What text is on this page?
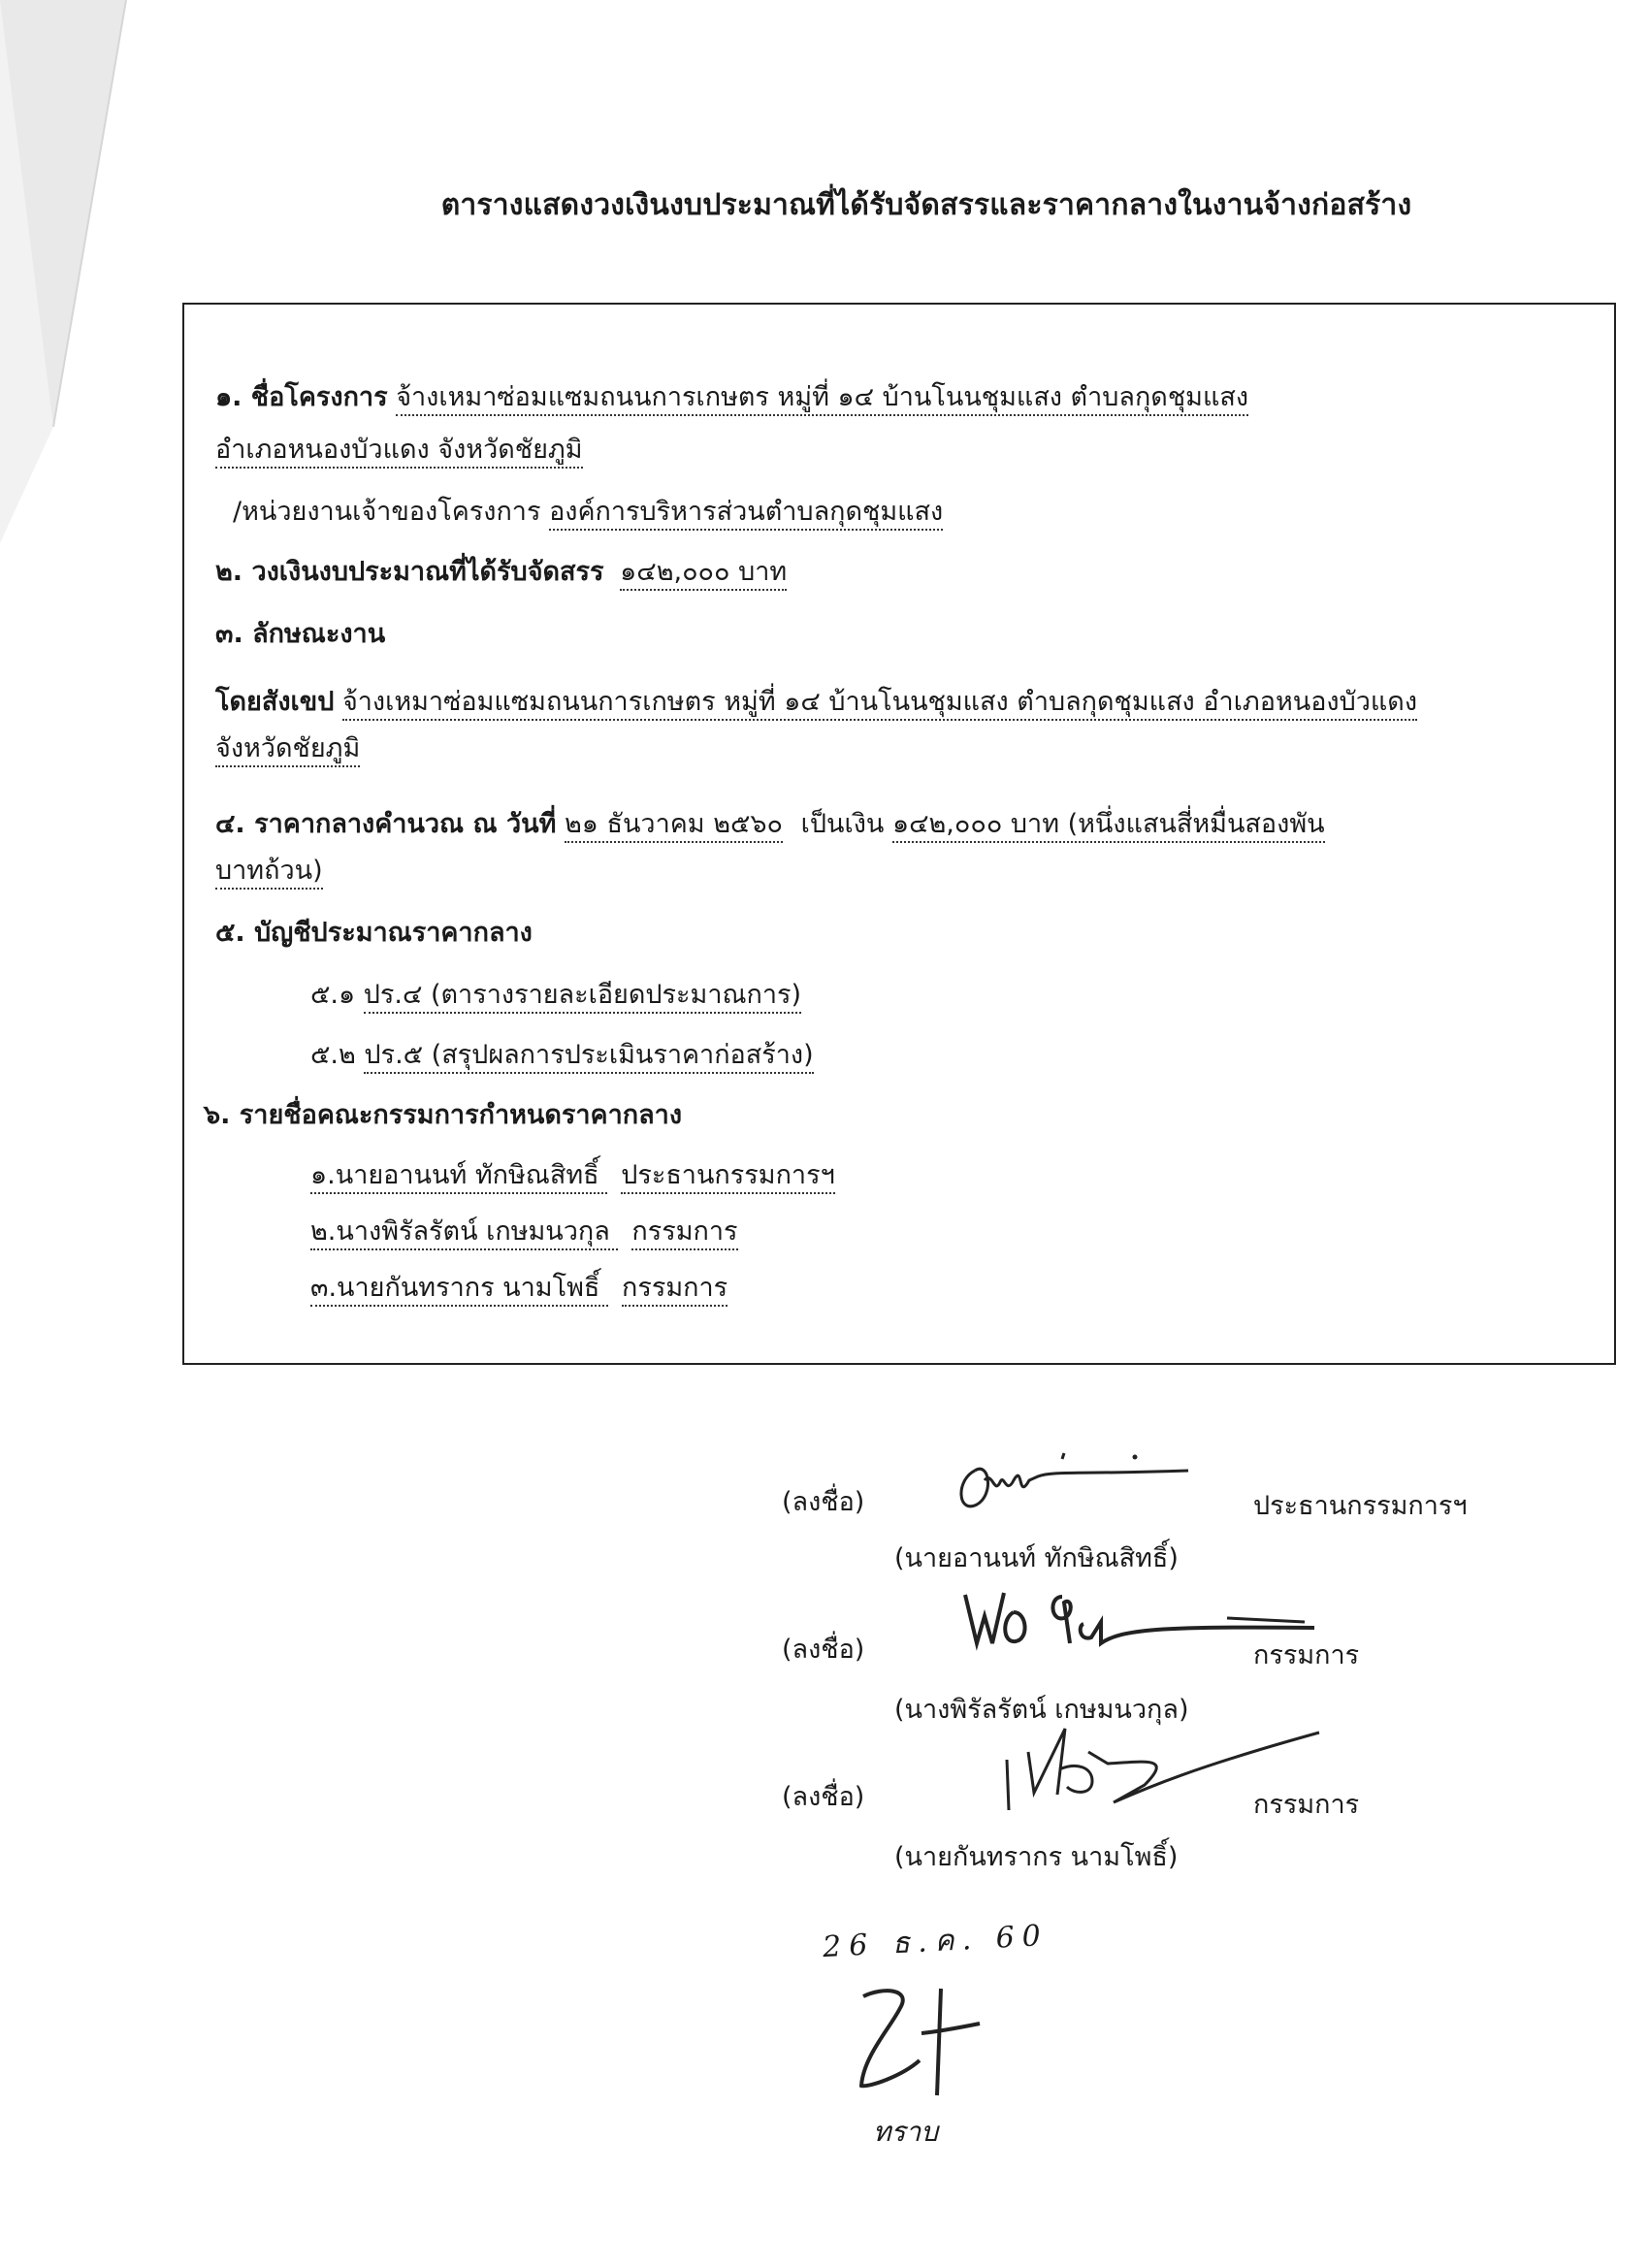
ตารางแสดงวงเงินงบประมาณที่ได้รับจัดสรรและราคากลางในงานจ้างก่อสร้าง
๑. ชื่อโครงการ จ้างเหมาซ่อมแซมถนนการเกษตร หมู่ที่ ๑๔ บ้านโนนชุมแสง ตำบลกุดชุมแสง
อำเภอหนองบัวแดง จังหวัดชัยภูมิ
/หน่วยงานเจ้าของโครงการ องค์การบริหารส่วนตำบลกุดชุมแสง
๒. วงเงินงบประมาณที่ได้รับจัดสรร ๑๔๒,๐๐๐ บาท
๓. ลักษณะงาน
โดยสังเขป จ้างเหมาซ่อมแซมถนนการเกษตร หมู่ที่ ๑๔ บ้านโนนชุมแสง ตำบลกุดชุมแสง อำเภอหนองบัวแดง
จังหวัดชัยภูมิ
๔. ราคากลางคำนวณ ณ วันที่ ๒๑ ธันวาคม ๒๕๖๐ เป็นเงิน ๑๔๒,๐๐๐ บาท (หนึ่งแสนสี่หมื่นสองพัน
บาทถ้วน)
๕. บัญชีประมาณราคากลาง
๕.๑ ปร.๔ (ตารางรายละเอียดประมาณการ)
๕.๒ ปร.๕ (สรุปผลการประเมินราคาก่อสร้าง)
๖. รายชื่อคณะกรรมการกำหนดราคากลาง
๑.นายอานนท์ ทักษิณสิทธิ์ ประธานกรรมการฯ
๒.นางพิรัลรัตน์ เกษมนวกุล กรรมการ
๓.นายกันทรากร นามโพธิ์ กรรมการ
(ลงชื่อ)	ประธานกรรมการฯ
(นายอานนท์ ทักษิณสิทธิ์)
(ลงชื่อ)	กรรมการ
(นางพิรัลรัตน์ เกษมนวกุล)
(ลงชื่อ)	กรรมการ
(นายกันทรากร นามโพธิ์)
26 ธ.ค. 60
ทราบ
